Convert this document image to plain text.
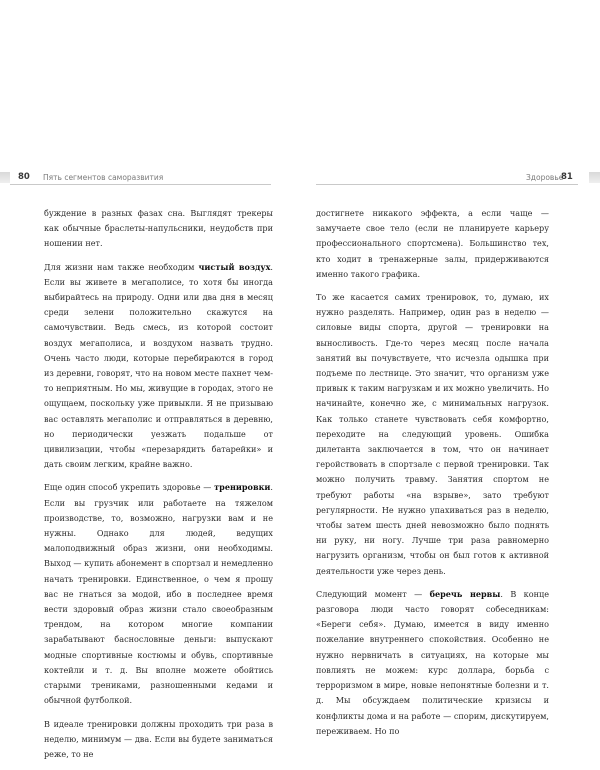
80 Пять сегментов саморазвития	Здоровье
81

буждение в разных фазах сна. Выглядят трекеры как обычные браслеты-напульсники, неудобств при ношении нет.

Для жизни нам также необходим чистый воздух. Если вы живете в мегаполисе, то хотя бы иногда выбирайтесь на природу. Одни или два дня в месяц среди зелени положительно скажутся на самочувствии. Ведь смесь, из которой состоит воздух мегаполиса, и воздухом назвать трудно. Очень часто люди, которые перебираются в город из деревни, говорят, что на новом месте пахнет чем-то неприятным. Но мы, живущие в городах, этого не ощущаем, поскольку уже привыкли. Я не призываю вас оставлять мегаполис и отправляться в деревню, но периодически уезжать подальше от цивилизации, чтобы «перезарядить батарейки» и дать своим легким, крайне важно.

Еще один способ укрепить здоровье — тренировки. Если вы грузчик или работаете на тяжелом производстве, то, возможно, нагрузки вам и не нужны. Однако для людей, ведущих малоподвижный образ жизни, они необходимы. Выход — купить абонемент в спортзал и немедленно начать тренировки. Единственное, о чем я прошу вас не гнаться за модой, ибо в последнее время вести здоровый образ жизни стало своеобразным трендом, на котором многие компании зарабатывают баснословные деньги: выпускают модные спортивные костюмы и обувь, спортивные коктейли и т. д. Вы вполне можете обойтись старыми трениками, разношенными кедами и обычной футболкой.

В идеале тренировки должны проходить три раза в неделю, минимум — два. Если вы будете заниматься реже, то не

достигнете никакого эффекта, а если чаще — замучаете свое тело (если не планируете карьеру профессионального спортсмена). Большинство тех, кто ходит в тренажерные залы, придерживаются именно такого графика.

То же касается самих тренировок, то, думаю, их нужно разделять. Например, один раз в неделю — силовые виды спорта, другой — тренировки на выносливость. Где-то через месяц после начала занятий вы почувствуете, что исчезла одышка при подъеме по лестнице. Это значит, что организм уже привык к таким нагрузкам и их можно увеличить. Но начинайте, конечно же, с минимальных нагрузок. Как только станете чувствовать себя комфортно, переходите на следующий уровень. Ошибка дилетанта заключается в том, что он начинает геройствовать в спортзале с первой тренировки. Так можно получить травму. Занятия спортом не требуют работы «на взрыве», зато требуют регулярности. Не нужно упахиваться раз в неделю, чтобы затем шесть дней невозможно было поднять ни руку, ни ногу. Лучше три раза равномерно нагрузить организм, чтобы он был готов к активной деятельности уже через день.

Следующий момент — беречь нервы. В конце разговора люди часто говорят собеседникам: «Береги себя». Думаю, имеется в виду именно пожелание внутреннего спокойствия. Особенно не нужно нервничать в ситуациях, на которые мы повлиять не можем: курс доллара, борьба с терроризмом в мире, новые непонятные болезни и т. д. Мы обсуждаем политические кризисы и конфликты дома и на работе — спорим, дискутируем, переживаем. Но по
